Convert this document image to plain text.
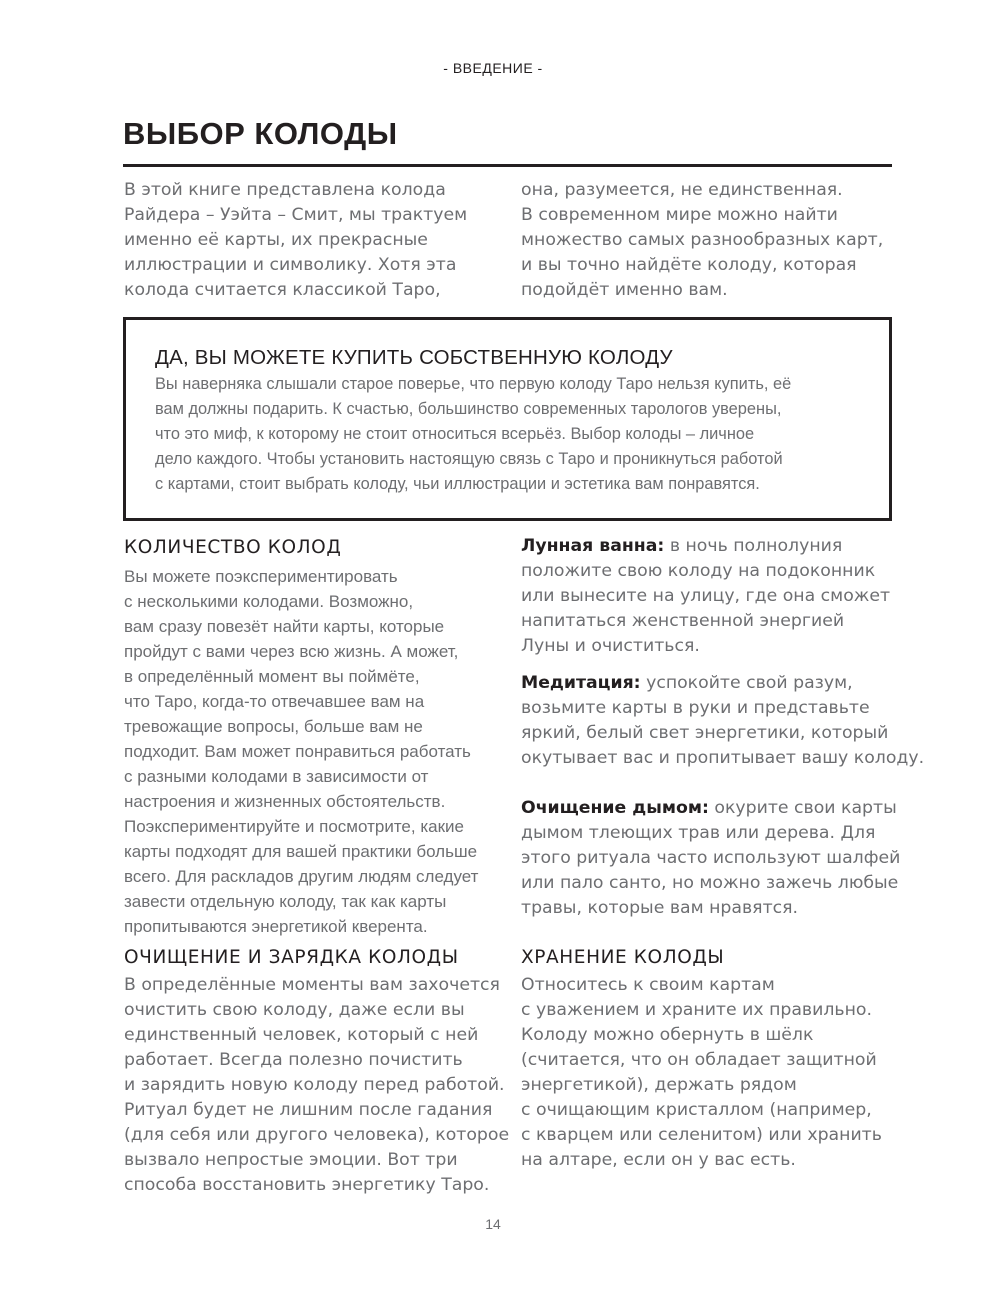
- ВВЕДЕНИЕ -
ВЫБОР КОЛОДЫ

В этой книге представлена колода

Райдера – Уэйта – Смит, мы трактуем

именно её карты, их прекрасные

иллюстрации и символику. Хотя эта

колода считается классикой Таро,

она, разумеется, не единственная.

В современном мире можно найти

множество самых разнообразных карт,

и вы точно найдёте колоду, которая

подойдёт именно вам.

ДА, ВЫ МОЖЕТЕ КУПИТЬ СОБСТВЕННУЮ КОЛОДУ

Вы наверняка слышали старое поверье, что первую колоду Таро нельзя купить, её

вам должны подарить. К счастью, большинство современных тарологов уверены,

что это миф, к которому не стоит относиться всерьёз. Выбор колоды – личное

дело каждого. Чтобы установить настоящую связь с Таро и проникнуться работой

с картами, стоит выбрать колоду, чьи иллюстрации и эстетика вам понравятся.

КОЛИЧЕСТВО КОЛОД

Вы можете поэкспериментировать

с несколькими колодами. Возможно,

вам сразу повезёт найти карты, которые

пройдут с вами через всю жизнь. А может,

в определённый момент вы поймёте,

что Таро, когда-то отвечавшее вам на

тревожащие вопросы, больше вам не

подходит. Вам может понравиться работать

с разными колодами в зависимости от

настроения и жизненных обстоятельств.

Поэкспериментируйте и посмотрите, какие

карты подходят для вашей практики больше

всего. Для раскладов другим людям следует

завести отдельную колоду, так как карты

пропитываются энергетикой кверента.

ОЧИЩЕНИЕ И ЗАРЯДКА КОЛОДЫ

В определённые моменты вам захочется

очистить свою колоду, даже если вы

единственный человек, который с ней

работает. Всегда полезно почистить

и зарядить новую колоду перед работой.

Ритуал будет не лишним после гадания

(для себя или другого человека), которое

вызвало непростые эмоции. Вот три

способа восстановить энергетику Таро.

Лунная ванна: в ночь полнолуния

положите свою колоду на подоконник

или вынесите на улицу, где она сможет

напитаться женственной энергией

Луны и очиститься.

Медитация: успокойте свой разум,

возьмите карты в руки и представьте

яркий, белый свет энергетики, который

окутывает вас и пропитывает вашу колоду.

Очищение дымом: окурите свои карты

дымом тлеющих трав или дерева. Для

этого ритуала часто используют шалфей

или пало санто, но можно зажечь любые

травы, которые вам нравятся.

ХРАНЕНИЕ КОЛОДЫ

Относитесь к своим картам

с уважением и храните их правильно.

Колоду можно обернуть в шёлк

(считается, что он обладает защитной

энергетикой), держать рядом

с очищающим кристаллом (например,

с кварцем или селенитом) или хранить

на алтаре, если он у вас есть.

14
